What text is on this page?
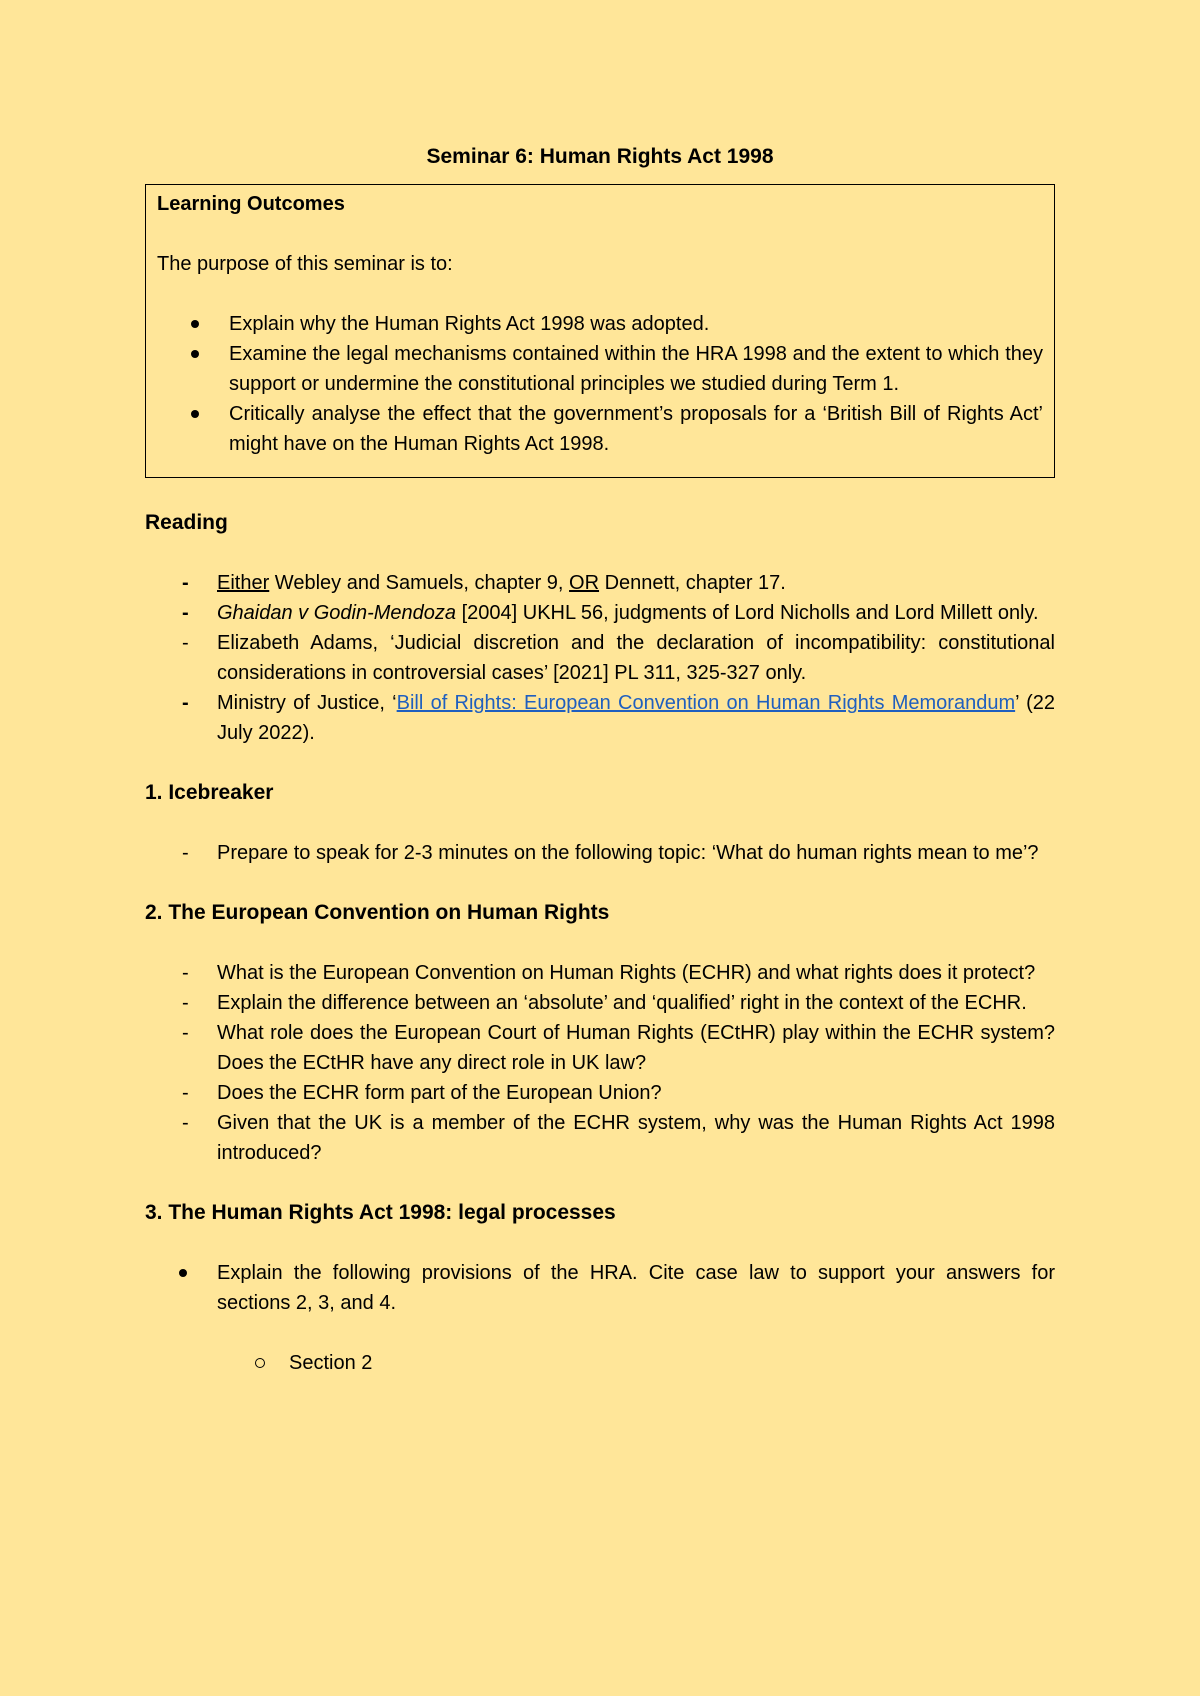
Seminar 6: Human Rights Act 1998

Learning Outcomes

The purpose of this seminar is to:

Explain why the Human Rights Act 1998 was adopted.
Examine the legal mechanisms contained within the HRA 1998 and the extent to which they support or undermine the constitutional principles we studied during Term 1.
Critically analyse the effect that the government’s proposals for a ‘British Bill of Rights Act’ might have on the Human Rights Act 1998.

Reading

- Either Webley and Samuels, chapter 9, OR Dennett, chapter 17.
- Ghaidan v Godin-Mendoza [2004] UKHL 56, judgments of Lord Nicholls and Lord Millett only.
- Elizabeth Adams, ‘Judicial discretion and the declaration of incompatibility: constitutional considerations in controversial cases’ [2021] PL 311, 325-327 only.
- Ministry of Justice, ‘Bill of Rights: European Convention on Human Rights Memorandum’ (22 July 2022).

1. Icebreaker

- Prepare to speak for 2-3 minutes on the following topic: ‘What do human rights mean to me’?

2. The European Convention on Human Rights

- What is the European Convention on Human Rights (ECHR) and what rights does it protect?
- Explain the difference between an ‘absolute’ and ‘qualified’ right in the context of the ECHR.
- What role does the European Court of Human Rights (ECtHR) play within the ECHR system? Does the ECtHR have any direct role in UK law?
- Does the ECHR form part of the European Union?
- Given that the UK is a member of the ECHR system, why was the Human Rights Act 1998 introduced?

3. The Human Rights Act 1998: legal processes

Explain the following provisions of the HRA. Cite case law to support your answers for sections 2, 3, and 4.
Section 2
